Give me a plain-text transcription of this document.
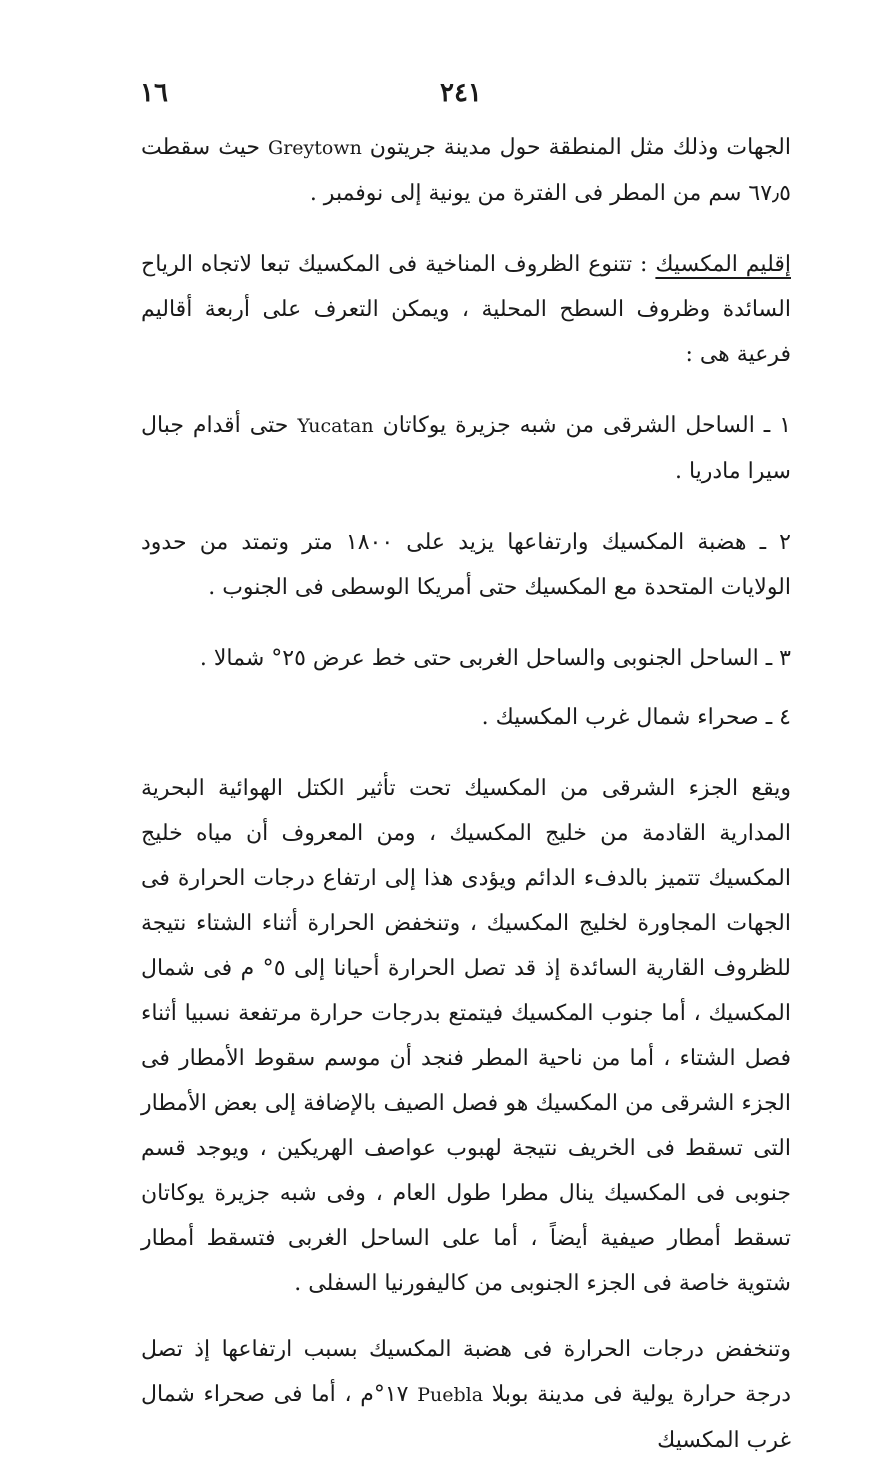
١٦	٢٤١

الجهات وذلك مثل المنطقة حول مدينة جريتون Greytown حيث سقطت ٦٧٫٥ سم من المطر فى الفترة من يونية إلى نوفمبر .

إقليم المكسيك : تتنوع الظروف المناخية فى المكسيك تبعا لاتجاه الرياح السائدة وظروف السطح المحلية ، ويمكن التعرف على أربعة أقاليم فرعية هى :

١ ـ الساحل الشرقى من شبه جزيرة يوكاتان Yucatan حتى أقدام جبال سيرا مادريا .

٢ ـ هضبة المكسيك وارتفاعها يزيد على ١٨٠٠ متر وتمتد من حدود الولايات المتحدة مع المكسيك حتى أمريكا الوسطى فى الجنوب .

٣ ـ الساحل الجنوبى والساحل الغربى حتى خط عرض ٢٥° شمالا .

٤ ـ صحراء شمال غرب المكسيك .

ويقع الجزء الشرقى من المكسيك تحت تأثير الكتل الهوائية البحرية المدارية القادمة من خليج المكسيك ، ومن المعروف أن مياه خليج المكسيك تتميز بالدفء الدائم ويؤدى هذا إلى ارتفاع درجات الحرارة فى الجهات المجاورة لخليج المكسيك ، وتنخفض الحرارة أثناء الشتاء نتيجة للظروف القارية السائدة إذ قد تصل الحرارة أحيانا إلى ٥° م فى شمال المكسيك ، أما جنوب المكسيك فيتمتع بدرجات حرارة مرتفعة نسبيا أثناء فصل الشتاء ، أما من ناحية المطر فنجد أن موسم سقوط الأمطار فى الجزء الشرقى من المكسيك هو فصل الصيف بالإضافة إلى بعض الأمطار التى تسقط فى الخريف نتيجة لهبوب عواصف الهريكين ، ويوجد قسم جنوبى فى المكسيك ينال مطرا طول العام ، وفى شبه جزيرة يوكاتان تسقط أمطار صيفية أيضاً ، أما على الساحل الغربى فتسقط أمطار شتوية خاصة فى الجزء الجنوبى من كاليفورنيا السفلى .

وتنخفض درجات الحرارة فى هضبة المكسيك بسبب ارتفاعها إذ تصل درجة حرارة يولية فى مدينة بوبلا Puebla ١٧°م ، أما فى صحراء شمال غرب المكسيك
